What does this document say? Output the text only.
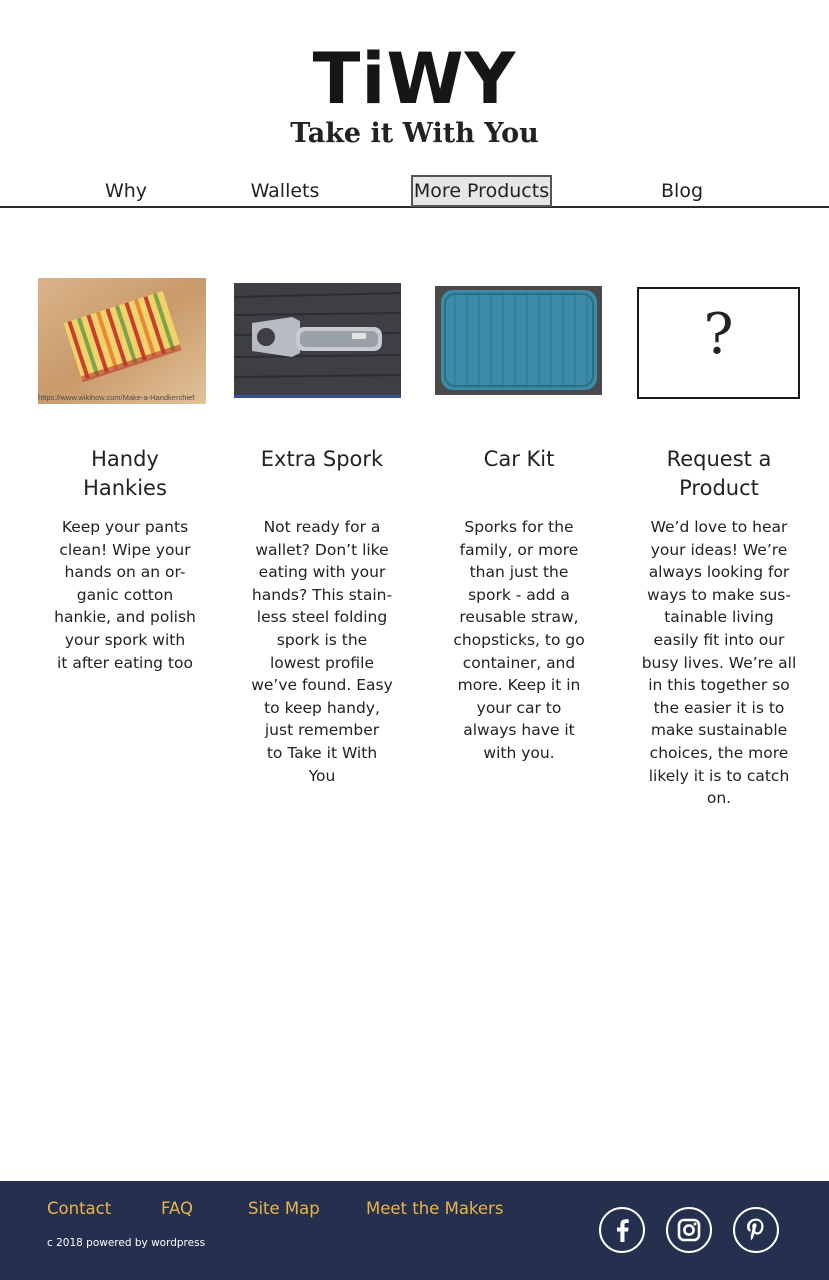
TiWY
Take it With You
Why	Wallets	More Products	Blog
https://www.wikihow.com/Make-a-Handkerchief
Handy
Hankies
Keep your pants
clean! Wipe your
hands on an or-
ganic cotton
hankie, and polish
your spork with
it after eating too
Extra Spork
Not ready for a
wallet? Don’t like
eating with your
hands? This stain-
less steel folding
spork is the
lowest profile
we’ve found. Easy
to keep handy,
just remember
to Take it With
You
Car Kit
Sporks for the
family, or more
than just the
spork - add a
reusable straw,
chopsticks, to go
container, and
more. Keep it in
your car to
always have it
with you.
?
Request a
Product
We’d love to hear
your ideas! We’re
always looking for
ways to make sus-
tainable living
easily fit into our
busy lives. We’re all
in this together so
the easier it is to
make sustainable
choices, the more
likely it is to catch
on.
Contact	FAQ	Site Map	Meet the Makers
c 2018 powered by wordpress
